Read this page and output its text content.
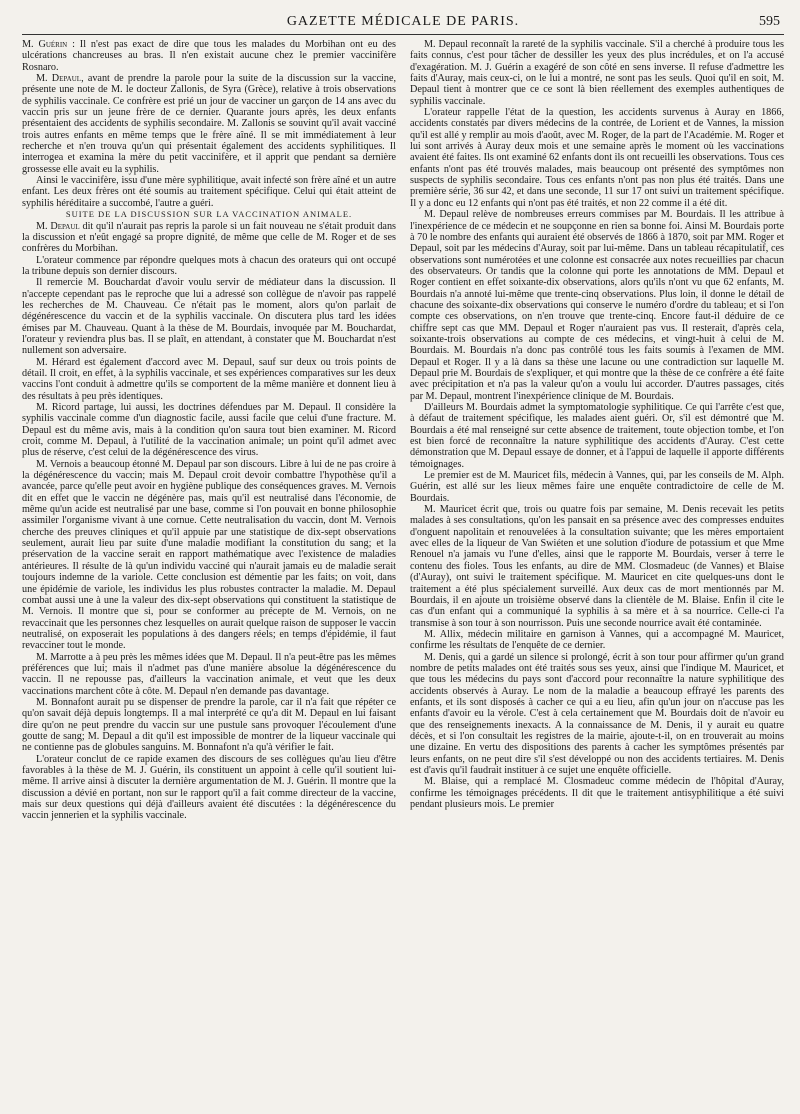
GAZETTE MÉDICALE DE PARIS.	595

M. Guérin : Il n'est pas exact de dire que tous les malades du Morbihan ont eu des ulcérations chancreuses au bras. Il n'en existait aucune chez le premier vaccinifère Rosnaro.

M. Depaul, avant de prendre la parole pour la suite de la discussion sur la vaccine, présente une note de M. le docteur Zallonis, de Syra (Grèce), relative à trois observations de syphilis vaccinale. Ce confrère est prié un jour de vacciner un garçon de 14 ans avec du vaccin pris sur un jeune frère de ce dernier. Quarante jours après, les deux enfants présentaient des accidents de syphilis secondaire. M. Zallonis se souvint qu'il avait vacciné trois autres enfants en même temps que le frère aîné. Il se mit immédiatement à leur recherche et n'en trouva qu'un qui présentait également des accidents syphilitiques. Il interrogea et examina la mère du petit vaccinifère, et il apprit que pendant sa dernière grossesse elle avait eu la syphilis.

Ainsi le vaccinifère, issu d'une mère syphilitique, avait infecté son frère aîné et un autre enfant. Les deux frères ont été soumis au traitement spécifique. Celui qui était atteint de syphilis héréditaire a succombé, l'autre a guéri.

SUITE DE LA DISCUSSION SUR LA VACCINATION ANIMALE.

M. Depaul dit qu'il n'aurait pas repris la parole si un fait nouveau ne s'était produit dans la discussion et n'eût engagé sa propre dignité, de même que celle de M. Roger et de ses confrères du Morbihan.

L'orateur commence par répondre quelques mots à chacun des orateurs qui ont occupé la tribune depuis son dernier discours.

Il remercie M. Bouchardat d'avoir voulu servir de médiateur dans la discussion. Il n'accepte cependant pas le reproche que lui a adressé son collègue de n'avoir pas rappelé les recherches de M. Chauveau. Ce n'était pas le moment, alors qu'on parlait de dégénérescence du vaccin et de la syphilis vaccinale. On discutera plus tard les idées émises par M. Chauveau. Quant à la thèse de M. Bourdais, invoquée par M. Bouchardat, l'orateur y reviendra plus bas. Il se plaît, en attendant, à constater que M. Bouchardat n'est nullement son adversaire.

M. Hérard est également d'accord avec M. Depaul, sauf sur deux ou trois points de détail. Il croit, en effet, à la syphilis vaccinale, et ses expériences comparatives sur les deux vaccins l'ont conduit à admettre qu'ils se comportent de la même manière et donnent lieu à des résultats à peu près identiques.

M. Ricord partage, lui aussi, les doctrines défendues par M. Depaul. Il considère la syphilis vaccinale comme d'un diagnostic facile, aussi facile que celui d'une fracture. M. Depaul est du même avis, mais à la condition qu'on saura tout bien examiner. M. Ricord croit, comme M. Depaul, à l'utilité de la vaccination animale; un point qu'il admet avec plus de réserve, c'est celui de la dégénérescence des virus.

M. Vernois a beaucoup étonné M. Depaul par son discours. Libre à lui de ne pas croire à la dégénérescence du vaccin; mais M. Depaul croit devoir combattre l'hypothèse qu'il a avancée, parce qu'elle peut avoir en hygiène publique des conséquences graves. M. Vernois dit en effet que le vaccin ne dégénère pas, mais qu'il est neutralisé dans l'économie, de même qu'un acide est neutralisé par une base, comme si l'on pouvait en bonne philosophie assimiler l'organisme vivant à une cornue. Cette neutralisation du vaccin, dont M. Vernois cherche des preuves cliniques et qu'il appuie par une statistique de dix-sept observations seulement, aurait lieu par suite d'une maladie modifiant la constitution du sang; et la préservation de la vaccine serait en rapport mathématique avec l'existence de maladies antérieures. Il résulte de là qu'un individu vacciné qui n'aurait jamais eu de maladie serait toujours indemne de la variole. Cette conclusion est démentie par les faits; on voit, dans une épidémie de variole, les individus les plus robustes contracter la maladie. M. Depaul combat aussi une à une la valeur des dix-sept observations qui constituent la statistique de M. Vernois. Il montre que si, pour se conformer au précepte de M. Vernois, on ne revaccinait que les personnes chez lesquelles on aurait quelque raison de supposer le vaccin neutralisé, on exposerait les populations à des dangers réels; en temps d'épidémie, il faut revacciner tout le monde.

M. Marrotte a à peu près les mêmes idées que M. Depaul. Il n'a peut-être pas les mêmes préférences que lui; mais il n'admet pas d'une manière absolue la dégénérescence du vaccin. Il ne repousse pas, d'ailleurs la vaccination animale, et veut que les deux vaccinations marchent côte à côte. M. Depaul n'en demande pas davantage.

M. Bonnafont aurait pu se dispenser de prendre la parole, car il n'a fait que répéter ce qu'on savait déjà depuis longtemps. Il a mal interprété ce qu'a dit M. Depaul en lui faisant dire qu'on ne peut prendre du vaccin sur une pustule sans provoquer l'écoulement d'une goutte de sang; M. Depaul a dit qu'il est impossible de montrer de la liqueur vaccinale qui ne contienne pas de globules sanguins. M. Bonnafont n'a qu'à vérifier le fait.

L'orateur conclut de ce rapide examen des discours de ses collègues qu'au lieu d'être favorables à la thèse de M. J. Guérin, ils constituent un appoint à celle qu'il soutient lui-même. Il arrive ainsi à discuter la dernière argumentation de M. J. Guérin. Il montre que la discussion a dévié en portant, non sur le rapport qu'il a fait comme directeur de la vaccine, mais sur deux questions qui déjà d'ailleurs avaient été discutées : la dégénérescence du vaccin jennerien et la syphilis vaccinale.

M. Depaul reconnaît la rareté de la syphilis vaccinale. S'il a cherché à produire tous les faits connus, c'est pour tâcher de dessiller les yeux des plus incrédules, et on l'a accusé d'exagération. M. J. Guérin a exagéré de son côté en sens inverse. Il refuse d'admettre les faits d'Auray, mais ceux-ci, on le lui a montré, ne sont pas les seuls. Quoi qu'il en soit, M. Depaul tient à montrer que ce ce sont là bien réellement des exemples authentiques de syphilis vaccinale.

L'orateur rappelle l'état de la question, les accidents survenus à Auray en 1866, accidents constatés par divers médecins de la contrée, de Lorient et de Vannes, la mission qu'il est allé y remplir au mois d'août, avec M. Roger, de la part de l'Académie. M. Roger et lui sont arrivés à Auray deux mois et une semaine après le moment où les vaccinations avaient été faites. Ils ont examiné 62 enfants dont ils ont recueilli les observations. Tous ces enfants n'ont pas été trouvés malades, mais beaucoup ont présenté des symptômes non suspects de syphilis secondaire. Tous ces enfants n'ont pas non plus été traités. Dans une première série, 36 sur 42, et dans une seconde, 11 sur 17 ont suivi un traitement spécifique. Il y a donc eu 12 enfants qui n'ont pas été traités, et non 22 comme il a été dit.

M. Depaul relève de nombreuses erreurs commises par M. Bourdais. Il les attribue à l'inexpérience de ce médecin et ne soupçonne en rien sa bonne foi. Ainsi M. Bourdais porte à 70 le nombre des enfants qui auraient été observés de 1866 à 1870, soit par MM. Roger et Depaul, soit par les médecins d'Auray, soit par lui-même. Dans un tableau récapitulatif, ces observations sont numérotées et une colonne est consacrée aux notes recueillies par chacun des observateurs. Or tandis que la colonne qui porte les annotations de MM. Depaul et Roger contient en effet soixante-dix observations, alors qu'ils n'ont vu que 62 enfants, M. Bourdais n'a annoté lui-même que trente-cinq observations. Plus loin, il donne le détail de chacune des soixante-dix observations qui conserve le numéro d'ordre du tableau; et si l'on compte ces observations, on n'en trouve que trente-cinq. Encore faut-il déduire de ce chiffre sept cas que MM. Depaul et Roger n'auraient pas vus. Il resterait, d'après cela, soixante-trois observations au compte de ces médecins, et vingt-huit à celui de M. Bourdais. M. Bourdais n'a donc pas contrôlé tous les faits soumis à l'examen de MM. Depaul et Roger. Il y a là dans sa thèse une lacune ou une contradiction sur laquelle M. Depaul prie M. Bourdais de s'expliquer, et qui montre que la thèse de ce confrère a été faite avec précipitation et n'a pas la valeur qu'on a voulu lui accorder. D'autres passages, cités par M. Depaul, montrent l'inexpérience clinique de M. Bourdais.

D'ailleurs M. Bourdais admet la symptomatologie syphilitique. Ce qui l'arrête c'est que, à défaut de traitement spécifique, les malades aient guéri. Or, s'il est démontré que M. Bourdais a été mal renseigné sur cette absence de traitement, toute objection tombe, et l'on est bien forcé de reconnaître la nature syphilitique des accidents d'Auray. C'est cette démonstration que M. Depaul essaye de donner, et à l'appui de laquelle il apporte différents témoignages.

Le premier est de M. Mauricet fils, médecin à Vannes, qui, par les conseils de M. Alph. Guérin, est allé sur les lieux mêmes faire une enquête contradictoire de celle de M. Bourdais.

M. Mauricet écrit que, trois ou quatre fois par semaine, M. Denis recevait les petits malades à ses consultations, qu'on les pansait en sa présence avec des compresses enduites d'onguent napolitain et renouvelées à la consultation suivante; que les mères emportaient avec elles de la liqueur de Van Swiéten et une solution d'iodure de potassium et que Mme Renouel n'a jamais vu l'une d'elles, ainsi que le rapporte M. Bourdais, verser à terre le contenu des fioles. Tous les enfants, au dire de MM. Closmadeuc (de Vannes) et Blaise (d'Auray), ont suivi le traitement spécifique. M. Mauricet en cite quelques-uns dont le traitement a été plus spécialement surveillé. Aux deux cas de mort mentionnés par M. Bourdais, il en ajoute un troisième observé dans la clientèle de M. Blaise. Enfin il cite le cas d'un enfant qui a communiqué la syphilis à sa mère et à sa nourrice. Celle-ci l'a transmise à son tour à son nourrisson. Puis une seconde nourrice avait été contaminée.

M. Allix, médecin militaire en garnison à Vannes, qui a accompagné M. Mauricet, confirme les résultats de l'enquête de ce dernier.

M. Denis, qui a gardé un silence si prolongé, écrit à son tour pour affirmer qu'un grand nombre de petits malades ont été traités sous ses yeux, ainsi que l'indique M. Mauricet, et que tous les médecins du pays sont d'accord pour reconnaître la nature syphilitique des accidents observés à Auray. Le nom de la maladie a beaucoup effrayé les parents des enfants, et ils sont disposés à cacher ce qui a eu lieu, afin qu'un jour on n'accuse pas les enfants d'avoir eu la vérole. C'est à cela certainement que M. Bourdais doit de n'avoir eu que des renseignements inexacts. A la connaissance de M. Denis, il y aurait eu quatre décès, et si l'on consultait les registres de la mairie, ajoute-t-il, on en trouverait au moins une dizaine. En vertu des dispositions des parents à cacher les symptômes présentés par leurs enfants, on ne peut dire s'il s'est développé ou non des accidents tertiaires. M. Denis est d'avis qu'il faudrait instituer à ce sujet une enquête officielle.

M. Blaise, qui a remplacé M. Closmadeuc comme médecin de l'hôpital d'Auray, confirme les témoignages précédents. Il dit que le traitement antisyphilitique a été suivi pendant plusieurs mois. Le premier
